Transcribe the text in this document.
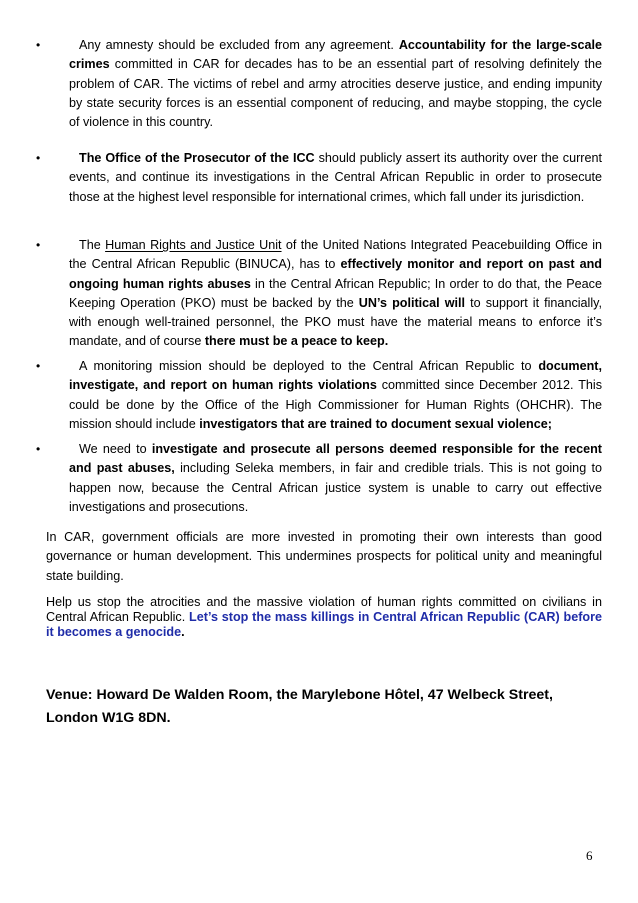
•	Any amnesty should be excluded from any agreement. Accountability for the large-scale crimes committed in CAR for decades has to be an essential part of resolving definitely the problem of CAR. The victims of rebel and army atrocities deserve justice, and ending impunity by state security forces is an essential component of reducing, and maybe stopping, the cycle of violence in this country.
•	The Office of the Prosecutor of the ICC should publicly assert its authority over the current events, and continue its investigations in the Central African Republic in order to prosecute those at the highest level responsible for international crimes, which fall under its jurisdiction.
•	The Human Rights and Justice Unit of the United Nations Integrated Peacebuilding Office in the Central African Republic (BINUCA), has to effectively monitor and report on past and ongoing human rights abuses in the Central African Republic; In order to do that, the Peace Keeping Operation (PKO) must be backed by the UN’s political will to support it financially, with enough well-trained personnel, the PKO must have the material means to enforce it’s mandate, and of course there must be a peace to keep.
•	A monitoring mission should be deployed to the Central African Republic to document, investigate, and report on human rights violations committed since December 2012. This could be done by the Office of the High Commissioner for Human Rights (OHCHR). The mission should include investigators that are trained to document sexual violence;
•	We need to investigate and prosecute all persons deemed responsible for the recent and past abuses, including Seleka members, in fair and credible trials. This is not going to happen now, because the Central African justice system is unable to carry out effective investigations and prosecutions.
In CAR, government officials are more invested in promoting their own interests than good governance or human development. This undermines prospects for political unity and meaningful state building.
Help us stop the atrocities and the massive violation of human rights committed on civilians in Central African Republic. Let’s stop the mass killings in Central African Republic (CAR) before it becomes a genocide.
Venue: Howard De Walden Room, the Marylebone Hôtel, 47 Welbeck Street, London W1G 8DN.
6
